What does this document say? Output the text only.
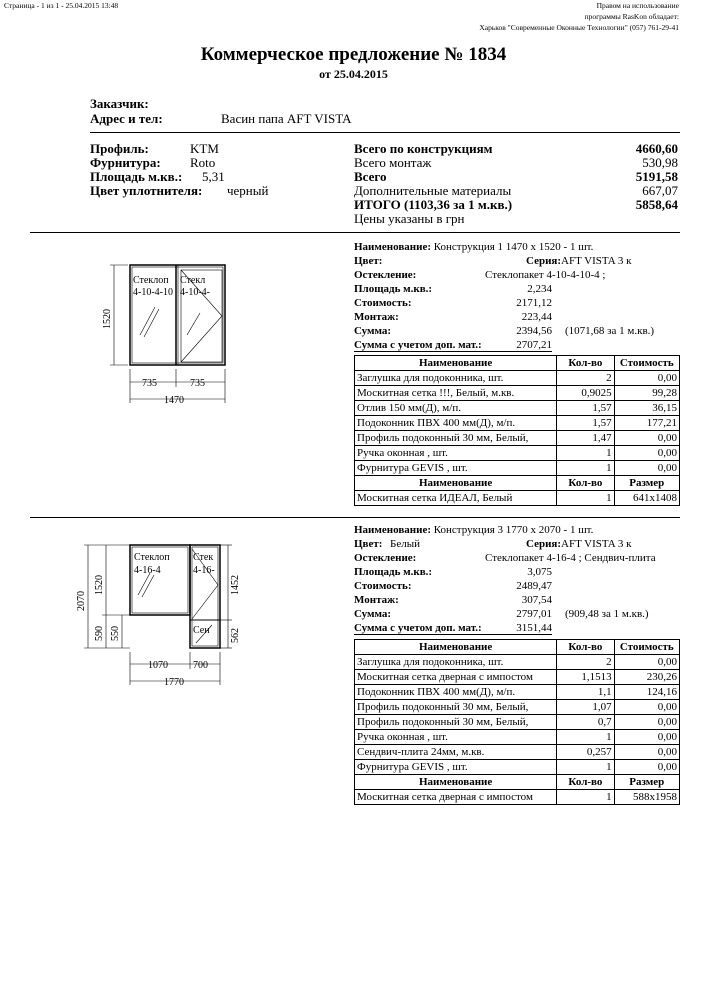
Страница - 1 из 1 - 25.04.2015 13:48	Правом на использование
программы RasKon обладает:
Харьков "Современные Оконные Технологии" (057) 761-29-41
Коммерческое предложение № 1834
от 25.04.2015
Заказчик:
Адрес и тел:	Васин папа AFT VISTA
Профиль:	KTM
Фурнитура: Roto
Площадь м.кв.: 5,31
Цвет уплотнителя: черный
Всего по конструкциям	4660,60
Всего монтаж	530,98
Всего	5191,58
Дополнительные материалы	667,07
ИТОГО (1103,36 за 1 м.кв.)	5858,64
Цены указаны в грн
Стеклоп
4-10-4-10
Стекл
4-10-4-
1520
735	735
1470
Наименование: Конструкция 1 1470 x 1520 - 1 шт.
Цвет:	Серия:AFT VISTA 3 к
Остекление:	Стеклопакет 4-10-4-10-4 ;
Площадь м.кв.:	2,234
Стоимость:	2171,12
Монтаж:	223,44
Сумма:	2394,56 (1071,68 за 1 м.кв.)
Сумма с учетом доп. мат.:	2707,21
Наименование	Кол-во	Стоимость
Заглушка для подоконника, шт.	2	0,00
Москитная сетка !!!, Белый, м.кв.	0,9025	99,28
Отлив 150 мм(Д), м/п.	1,57	36,15
Подоконник ПВХ 400 мм(Д), м/п.	1,57	177,21
Профиль подоконный 30 мм, Белый,	1,47	0,00
Ручка оконная , шт.	1	0,00
Фурнитура GEVIS , шт.	1	0,00
Наименование	Кол-во	Размер
Москитная сетка ИДЕАЛ, Белый	1	641x1408
Стеклоп
4-16-4
Стек
4-16-
Сен
2070
1520
590 550
1452
562
1070	700
1770
Наименование: Конструкция 3 1770 x 2070 - 1 шт.
Цвет: Белый	Серия:AFT VISTA 3 к
Остекление:	Стеклопакет 4-16-4 ; Сендвич-плита
Площадь м.кв.:	3,075
Стоимость:	2489,47
Монтаж:	307,54
Сумма:	2797,01 (909,48 за 1 м.кв.)
Сумма с учетом доп. мат.:	3151,44
Наименование	Кол-во	Стоимость
Заглушка для подоконника, шт.	2	0,00
Москитная сетка дверная с импостом	1,1513	230,26
Подоконник ПВХ 400 мм(Д), м/п.	1,1	124,16
Профиль подоконный 30 мм, Белый,	1,07	0,00
Профиль подоконный 30 мм, Белый,	0,7	0,00
Ручка оконная , шт.	1	0,00
Сендвич-плита 24мм, м.кв.	0,257	0,00
Фурнитура GEVIS , шт.	1	0,00
Наименование	Кол-во	Размер
Москитная сетка дверная с импостом	1	588x1958
